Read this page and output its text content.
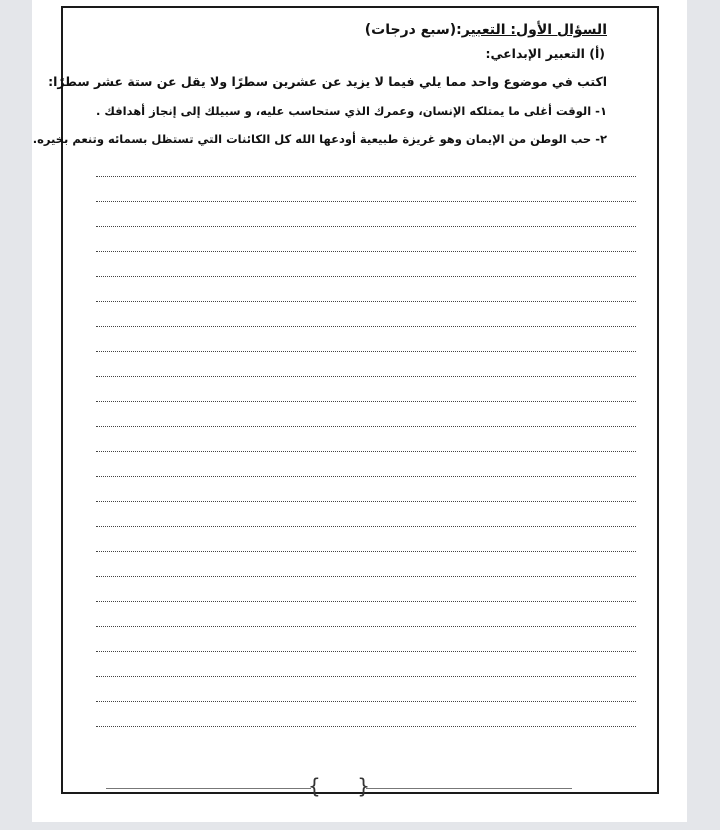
السؤال الأول: التعبير:(سبع درجات)
(أ) التعبير الإبداعي:
اكتب في موضوع واحد مما يلي فيما لا يزيد عن عشرين سطرًا ولا يقل عن ستة عشر سطرًا:
١- الوقت أغلى ما يمتلكه الإنسان، وعمرك الذي ستحاسب عليه، و سبيلك إلى إنجاز أهدافك .
٢- حب الوطن من الإيمان وهو غريزة طبيعية أودعها الله كل الكائنات التي تستظل بسمائه وتنعم بخيره.
{ }
